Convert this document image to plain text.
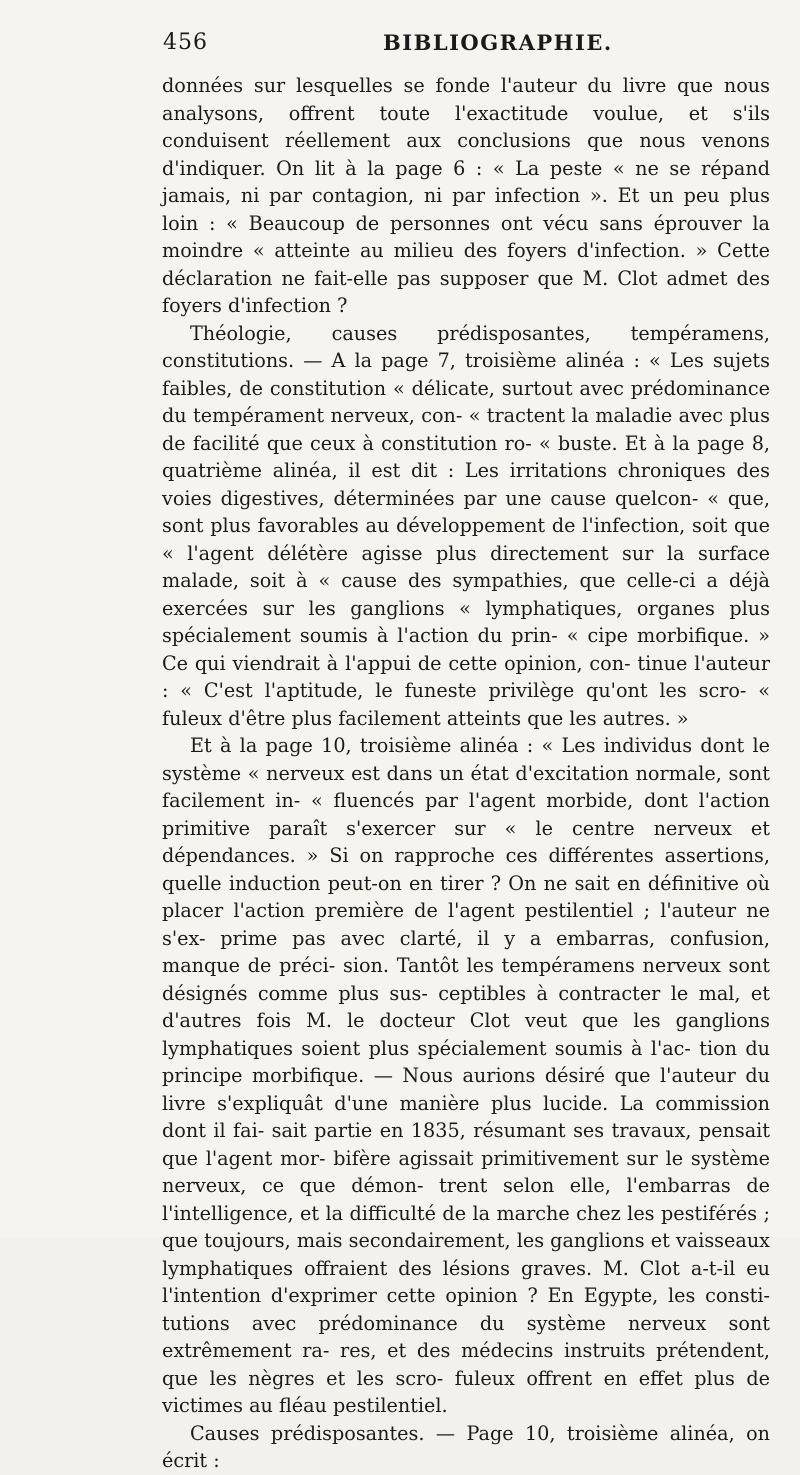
456	BIBLIOGRAPHIE.

données sur lesquelles se fonde l'auteur du livre que nous analysons, offrent toute l'exactitude voulue, et s'ils conduisent réellement aux conclusions que nous venons d'indiquer. On lit à la page 6 : « La peste « ne se répand jamais, ni par contagion, ni par infection ». Et un peu plus loin : « Beaucoup de personnes ont vécu sans éprouver la moindre « atteinte au milieu des foyers d'infection. » Cette déclaration ne fait-elle pas supposer que M. Clot admet des foyers d'infection ?

Théologie, causes prédisposantes, tempéramens, constitutions. — A la page 7, troisième alinéa : « Les sujets faibles, de constitution « délicate, surtout avec prédominance du tempérament nerveux, con- « tractent la maladie avec plus de facilité que ceux à constitution ro- « buste. Et à la page 8, quatrième alinéa, il est dit : Les irritations chroniques des voies digestives, déterminées par une cause quelcon- « que, sont plus favorables au développement de l'infection, soit que « l'agent délétère agisse plus directement sur la surface malade, soit à « cause des sympathies, que celle-ci a déjà exercées sur les ganglions « lymphatiques, organes plus spécialement soumis à l'action du prin- « cipe morbifique. » Ce qui viendrait à l'appui de cette opinion, con- tinue l'auteur : « C'est l'aptitude, le funeste privilège qu'ont les scro- « fuleux d'être plus facilement atteints que les autres. »

Et à la page 10, troisième alinéa : « Les individus dont le système « nerveux est dans un état d'excitation normale, sont facilement in- « fluencés par l'agent morbide, dont l'action primitive paraît s'exercer sur « le centre nerveux et dépendances. » Si on rapproche ces différentes assertions, quelle induction peut-on en tirer ? On ne sait en définitive où placer l'action première de l'agent pestilentiel ; l'auteur ne s'ex- prime pas avec clarté, il y a embarras, confusion, manque de préci- sion. Tantôt les tempéramens nerveux sont désignés comme plus sus- ceptibles à contracter le mal, et d'autres fois M. le docteur Clot veut que les ganglions lymphatiques soient plus spécialement soumis à l'ac- tion du principe morbifique. — Nous aurions désiré que l'auteur du livre s'expliquât d'une manière plus lucide. La commission dont il fai- sait partie en 1835, résumant ses travaux, pensait que l'agent mor- bifère agissait primitivement sur le système nerveux, ce que démon- trent selon elle, l'embarras de l'intelligence, et la difficulté de la marche chez les pestiférés ; que toujours, mais secondairement, les ganglions et vaisseaux lymphatiques offraient des lésions graves. M. Clot a-t-il eu l'intention d'exprimer cette opinion ? En Egypte, les consti- tutions avec prédominance du système nerveux sont extrêmement ra- res, et des médecins instruits prétendent, que les nègres et les scro- fuleux offrent en effet plus de victimes au fléau pestilentiel.

Causes prédisposantes. — Page 10, troisième alinéa, on écrit :
